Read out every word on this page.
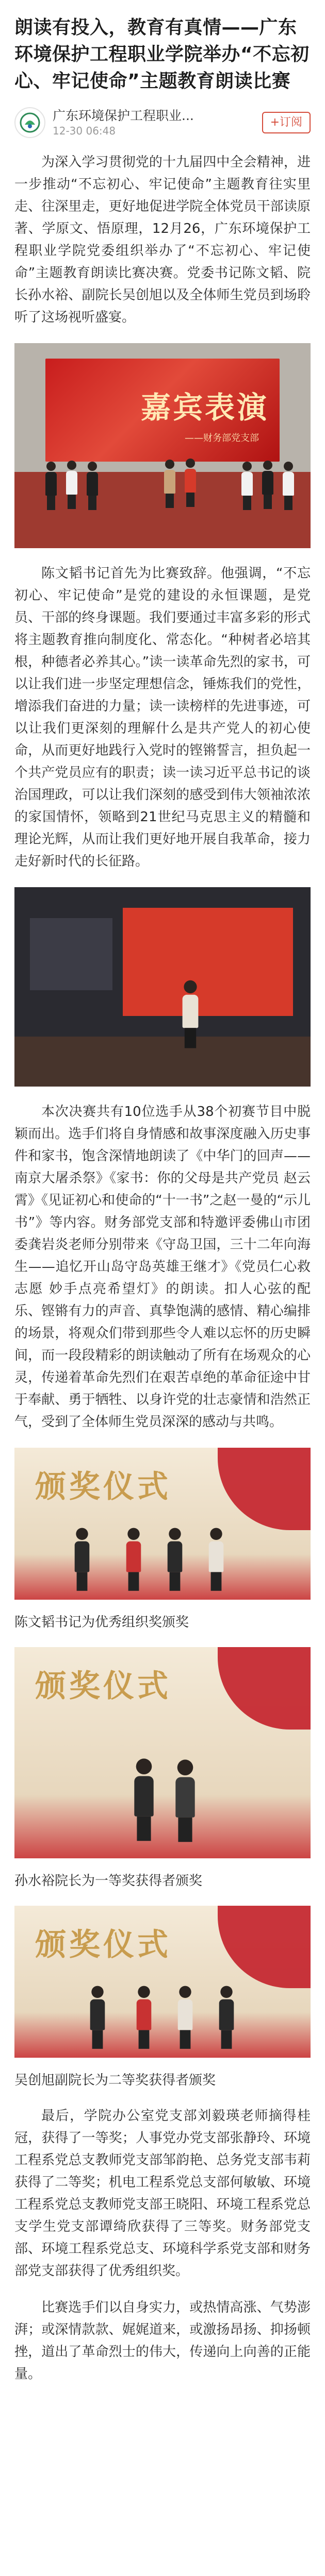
朗读有投入，教育有真情——广东环境保护工程职业学院举办“不忘初心、牢记使命”主题教育朗读比赛
广东环境保护工程职业...
12-30 06:48
+订阅

为深入学习贯彻党的十九届四中全会精神，进一步推动“不忘初心、牢记使命”主题教育往实里走、往深里走，更好地促进学院全体党员干部读原著、学原文、悟原理，12月26，广东环境保护工程职业学院党委组织举办了“不忘初心、牢记使命”主题教育朗读比赛决赛。党委书记陈文韬、院长孙水裕、副院长吴创旭以及全体师生党员到场聆听了这场视听盛宴。

嘉宾表演
——财务部党支部

陈文韬书记首先为比赛致辞。他强调，“不忘初心、牢记使命”是党的建设的永恒课题，是党员、干部的终身课题。我们要通过丰富多彩的形式将主题教育推向制度化、常态化。“种树者必培其根，种德者必养其心。”读一读革命先烈的家书，可以让我们进一步坚定理想信念，锤炼我们的党性，增添我们奋进的力量；读一读榜样的先进事迹，可以让我们更深刻的理解什么是共产党人的初心使命，从而更好地践行入党时的铿锵誓言，担负起一个共产党员应有的职责；读一读习近平总书记的谈治国理政，可以让我们深刻的感受到伟大领袖浓浓的家国情怀，领略到21世纪马克思主义的精髓和理论光辉，从而让我们更好地开展自我革命，接力走好新时代的长征路。

本次决赛共有10位选手从38个初赛节目中脱颖而出。选手们将自身情感和故事深度融入历史事件和家书，饱含深情地朗读了《中华门的回声——南京大屠杀祭》《家书：你的父母是共产党员 赵云霄》《见证初心和使命的“十一书”之赵一曼的“示儿书”》等内容。财务部党支部和特邀评委佛山市团委龚岩炎老师分别带来《守岛卫国，三十二年向海生——追忆开山岛守岛英雄王继才》《党员仁心救志愿 妙手点亮希望灯》的朗读。扣人心弦的配乐、铿锵有力的声音、真挚饱满的感情、精心编排的场景，将观众们带到那些令人难以忘怀的历史瞬间，而一段段精彩的朗读触动了所有在场观众的心灵，传递着革命先烈们在艰苦卓绝的革命征途中甘于奉献、勇于牺牲、以身许党的壮志豪情和浩然正气，受到了全体师生党员深深的感动与共鸣。

颁奖仪式

陈文韬书记为优秀组织奖颁奖

颁奖仪式

孙水裕院长为一等奖获得者颁奖

颁奖仪式

吴创旭副院长为二等奖获得者颁奖

最后，学院办公室党支部刘毅瑛老师摘得桂冠，获得了一等奖；人事党办党支部张静玲、环境工程系党总支教师党支部邹韵艳、总务党支部韦莉获得了二等奖；机电工程系党总支部何敏敏、环境工程系党总支教师党支部王晓阳、环境工程系党总支学生党支部谭绮欣获得了三等奖。财务部党支部、环境工程系党总支、环境科学系党支部和财务部党支部获得了优秀组织奖。

比赛选手们以自身实力，或热情高涨、气势澎湃；或深情款款、娓娓道来，或激扬昂扬、抑扬顿挫，道出了革命烈士的伟大，传递向上向善的正能量。
